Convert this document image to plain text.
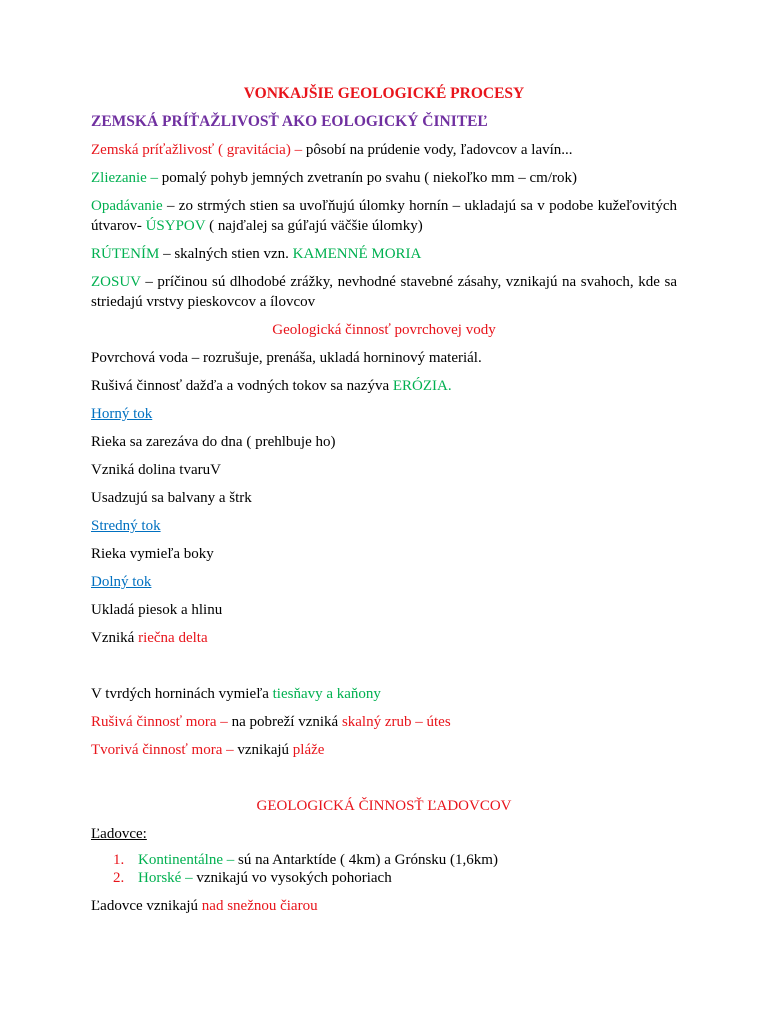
VONKAJŠIE GEOLOGICKÉ PROCESY

ZEMSKÁ PRÍŤAŽLIVOSŤ AKO EOLOGICKÝ ČINITEĽ

Zemská príťažlivosť ( gravitácia) – pôsobí na prúdenie vody, ľadovcov a lavín...

Zliezanie – pomalý pohyb jemných zvetranín po svahu ( niekoľko mm – cm/rok)

Opadávanie – zo strmých stien sa uvoľňujú úlomky hornín – ukladajú sa v podobe kužeľovitých útvarov- ÚSYPOV ( najďalej sa gúľajú väčšie úlomky)

RÚTENÍM – skalných stien vzn. KAMENNÉ MORIA

ZOSUV – príčinou sú dlhodobé zrážky, nevhodné stavebné zásahy, vznikajú na svahoch, kde sa striedajú vrstvy pieskovcov a ílovcov

Geologická činnosť povrchovej vody

Povrchová voda – rozrušuje, prenáša, ukladá horninový materiál.

Rušivá činnosť dažďa a vodných tokov sa nazýva ERÓZIA.

Horný tok

Rieka sa zarezáva do dna ( prehlbuje ho)

Vzniká dolina tvaruV

Usadzujú sa balvany a štrk

Stredný tok

Rieka vymieľa boky

Dolný tok

Ukladá piesok a hlinu

Vzniká riečna delta

V tvrdých horninách vymieľa tiesňavy a kaňony

Rušivá činnosť mora – na pobreží vzniká skalný zrub – útes

Tvorivá činnosť mora – vznikajú pláže

GEOLOGICKÁ ČINNOSŤ ĽADOVCOV

Ľadovce:

1. Kontinentálne – sú na Antarktíde ( 4km) a Grónsku (1,6km)
2. Horské – vznikajú vo vysokých pohoriach

Ľadovce vznikajú nad snežnou čiarou
